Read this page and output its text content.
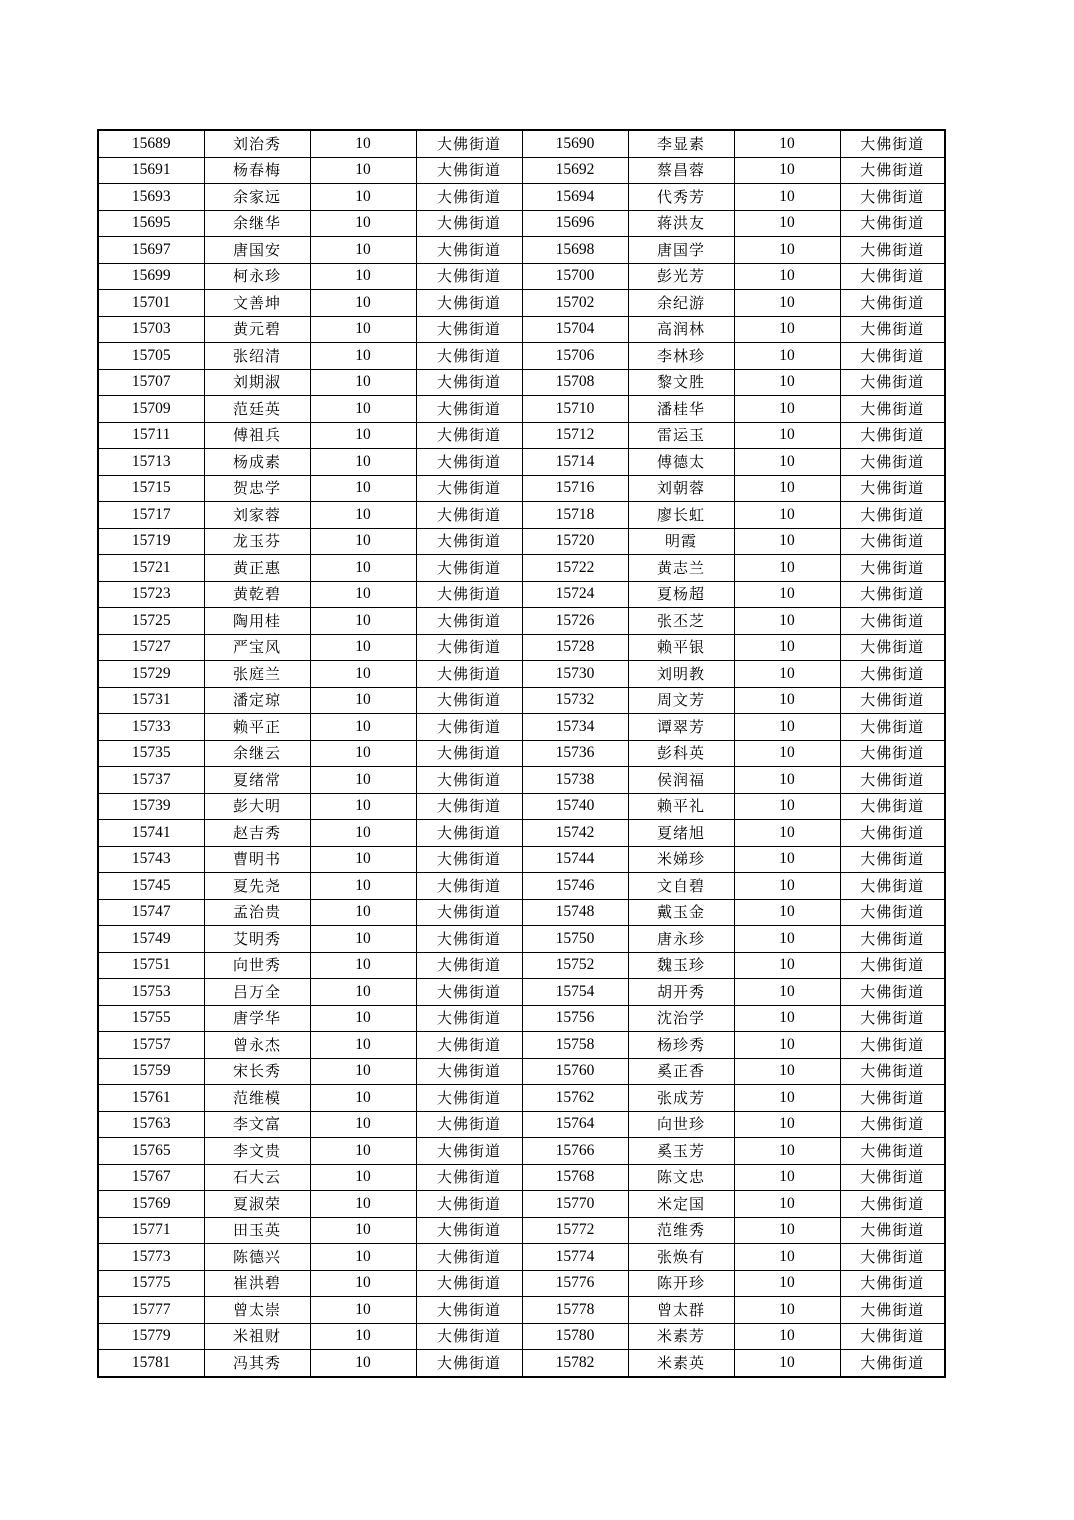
15689	刘治秀	10	大佛街道	15690	李显素	10	大佛街道
15691	杨春梅	10	大佛街道	15692	蔡昌蓉	10	大佛街道
15693	余家远	10	大佛街道	15694	代秀芳	10	大佛街道
15695	余继华	10	大佛街道	15696	蒋洪友	10	大佛街道
15697	唐国安	10	大佛街道	15698	唐国学	10	大佛街道
15699	柯永珍	10	大佛街道	15700	彭光芳	10	大佛街道
15701	文善坤	10	大佛街道	15702	余纪游	10	大佛街道
15703	黄元碧	10	大佛街道	15704	高润林	10	大佛街道
15705	张绍清	10	大佛街道	15706	李林珍	10	大佛街道
15707	刘期淑	10	大佛街道	15708	黎文胜	10	大佛街道
15709	范廷英	10	大佛街道	15710	潘桂华	10	大佛街道
15711	傅祖兵	10	大佛街道	15712	雷运玉	10	大佛街道
15713	杨成素	10	大佛街道	15714	傅德太	10	大佛街道
15715	贺忠学	10	大佛街道	15716	刘朝蓉	10	大佛街道
15717	刘家蓉	10	大佛街道	15718	廖长虹	10	大佛街道
15719	龙玉芬	10	大佛街道	15720	明霞	10	大佛街道
15721	黄正惠	10	大佛街道	15722	黄志兰	10	大佛街道
15723	黄乾碧	10	大佛街道	15724	夏杨超	10	大佛街道
15725	陶用桂	10	大佛街道	15726	张丕芝	10	大佛街道
15727	严宝风	10	大佛街道	15728	赖平银	10	大佛街道
15729	张庭兰	10	大佛街道	15730	刘明教	10	大佛街道
15731	潘定琼	10	大佛街道	15732	周文芳	10	大佛街道
15733	赖平正	10	大佛街道	15734	谭翠芳	10	大佛街道
15735	余继云	10	大佛街道	15736	彭科英	10	大佛街道
15737	夏绪常	10	大佛街道	15738	侯润福	10	大佛街道
15739	彭大明	10	大佛街道	15740	赖平礼	10	大佛街道
15741	赵吉秀	10	大佛街道	15742	夏绪旭	10	大佛街道
15743	曹明书	10	大佛街道	15744	米娣珍	10	大佛街道
15745	夏先尧	10	大佛街道	15746	文自碧	10	大佛街道
15747	孟治贵	10	大佛街道	15748	戴玉金	10	大佛街道
15749	艾明秀	10	大佛街道	15750	唐永珍	10	大佛街道
15751	向世秀	10	大佛街道	15752	魏玉珍	10	大佛街道
15753	吕万全	10	大佛街道	15754	胡开秀	10	大佛街道
15755	唐学华	10	大佛街道	15756	沈治学	10	大佛街道
15757	曾永杰	10	大佛街道	15758	杨珍秀	10	大佛街道
15759	宋长秀	10	大佛街道	15760	奚正香	10	大佛街道
15761	范维模	10	大佛街道	15762	张成芳	10	大佛街道
15763	李文富	10	大佛街道	15764	向世珍	10	大佛街道
15765	李文贵	10	大佛街道	15766	奚玉芳	10	大佛街道
15767	石大云	10	大佛街道	15768	陈文忠	10	大佛街道
15769	夏淑荣	10	大佛街道	15770	米定国	10	大佛街道
15771	田玉英	10	大佛街道	15772	范维秀	10	大佛街道
15773	陈德兴	10	大佛街道	15774	张焕有	10	大佛街道
15775	崔洪碧	10	大佛街道	15776	陈开珍	10	大佛街道
15777	曾太崇	10	大佛街道	15778	曾太群	10	大佛街道
15779	米祖财	10	大佛街道	15780	米素芳	10	大佛街道
15781	冯其秀	10	大佛街道	15782	米素英	10	大佛街道
